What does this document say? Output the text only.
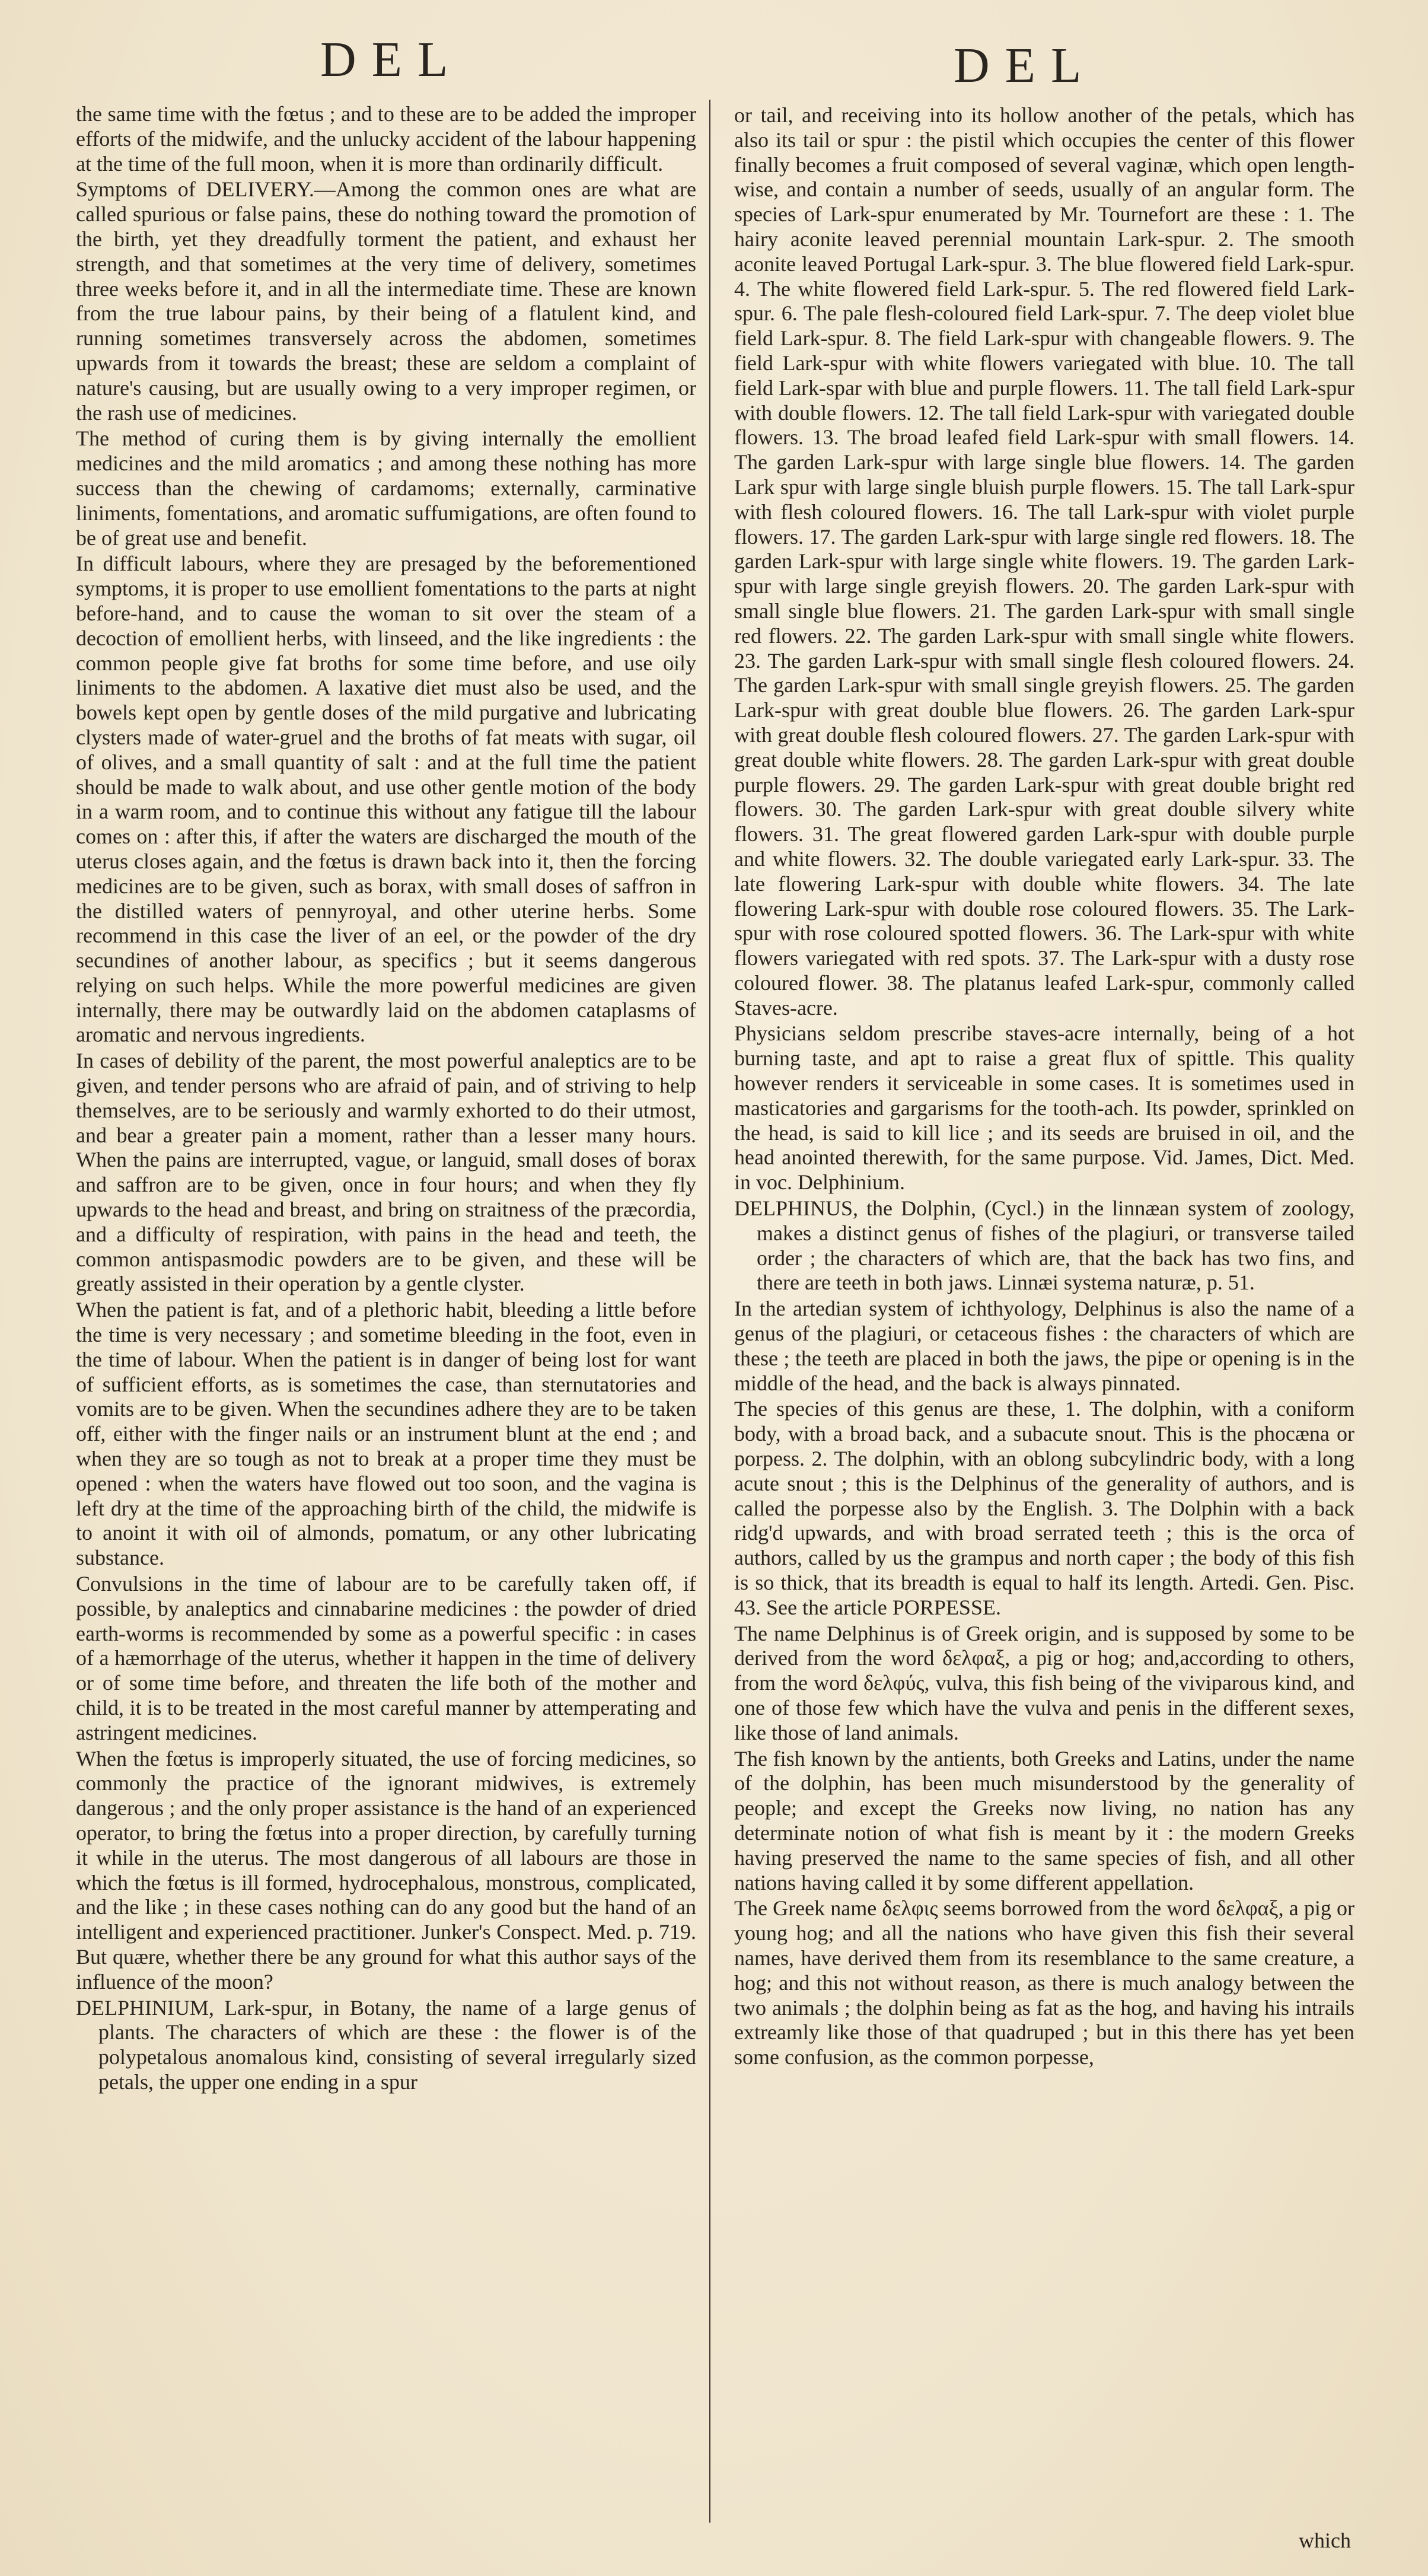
DEL	DEL

the same time with the fœtus ; and to these are to be added the improper efforts of the midwife, and the unlucky accident of the labour happening at the time of the full moon, when it is more than ordinarily difficult.

Symptoms of DELIVERY.—Among the common ones are what are called spurious or false pains, these do nothing toward the promotion of the birth, yet they dreadfully torment the patient, and exhaust her strength, and that sometimes at the very time of delivery, sometimes three weeks before it, and in all the intermediate time. These are known from the true labour pains, by their being of a flatulent kind, and running sometimes transversely across the abdomen, sometimes upwards from it towards the breast; these are seldom a complaint of nature's causing, but are usually owing to a very improper regimen, or the rash use of medicines.

The method of curing them is by giving internally the emollient medicines and the mild aromatics ; and among these nothing has more success than the chewing of cardamoms; externally, carminative liniments, fomentations, and aromatic suffumigations, are often found to be of great use and benefit.

In difficult labours, where they are presaged by the beforementioned symptoms, it is proper to use emollient fomentations to the parts at night before-hand, and to cause the woman to sit over the steam of a decoction of emollient herbs, with linseed, and the like ingredients : the common people give fat broths for some time before, and use oily liniments to the abdomen. A laxative diet must also be used, and the bowels kept open by gentle doses of the mild purgative and lubricating clysters made of water-gruel and the broths of fat meats with sugar, oil of olives, and a small quantity of salt : and at the full time the patient should be made to walk about, and use other gentle motion of the body in a warm room, and to continue this without any fatigue till the labour comes on : after this, if after the waters are discharged the mouth of the uterus closes again, and the fœtus is drawn back into it, then the forcing medicines are to be given, such as borax, with small doses of saffron in the distilled waters of pennyroyal, and other uterine herbs. Some recommend in this case the liver of an eel, or the powder of the dry secundines of another labour, as specifics ; but it seems dangerous relying on such helps. While the more powerful medicines are given internally, there may be outwardly laid on the abdomen cataplasms of aromatic and nervous ingredients.

In cases of debility of the parent, the most powerful analeptics are to be given, and tender persons who are afraid of pain, and of striving to help themselves, are to be seriously and warmly exhorted to do their utmost, and bear a greater pain a moment, rather than a lesser many hours. When the pains are interrupted, vague, or languid, small doses of borax and saffron are to be given, once in four hours; and when they fly upwards to the head and breast, and bring on straitness of the præcordia, and a difficulty of respiration, with pains in the head and teeth, the common antispasmodic powders are to be given, and these will be greatly assisted in their operation by a gentle clyster.

When the patient is fat, and of a plethoric habit, bleeding a little before the time is very necessary ; and sometime bleeding in the foot, even in the time of labour. When the patient is in danger of being lost for want of sufficient efforts, as is sometimes the case, than sternutatories and vomits are to be given. When the secundines adhere they are to be taken off, either with the finger nails or an instrument blunt at the end ; and when they are so tough as not to break at a proper time they must be opened : when the waters have flowed out too soon, and the vagina is left dry at the time of the approaching birth of the child, the midwife is to anoint it with oil of almonds, pomatum, or any other lubricating substance.

Convulsions in the time of labour are to be carefully taken off, if possible, by analeptics and cinnabarine medicines : the powder of dried earth-worms is recommended by some as a powerful specific : in cases of a hæmorrhage of the uterus, whether it happen in the time of delivery or of some time before, and threaten the life both of the mother and child, it is to be treated in the most careful manner by attemperating and astringent medicines.

When the fœtus is improperly situated, the use of forcing medicines, so commonly the practice of the ignorant midwives, is extremely dangerous ; and the only proper assistance is the hand of an experienced operator, to bring the fœtus into a proper direction, by carefully turning it while in the uterus. The most dangerous of all labours are those in which the fœtus is ill formed, hydrocephalous, monstrous, complicated, and the like ; in these cases nothing can do any good but the hand of an intelligent and experienced practitioner. Junker's Conspect. Med. p. 719. But quære, whether there be any ground for what this author says of the influence of the moon?

DELPHINIUM, Lark-spur, in Botany, the name of a large genus of plants. The characters of which are these : the flower is of the polypetalous anomalous kind, consisting of several irregularly sized petals, the upper one ending in a spur

or tail, and receiving into its hollow another of the petals, which has also its tail or spur : the pistil which occupies the center of this flower finally becomes a fruit composed of several vaginæ, which open length-wise, and contain a number of seeds, usually of an angular form. The species of Lark-spur enumerated by Mr. Tournefort are these : 1. The hairy aconite leaved perennial mountain Lark-spur. 2. The smooth aconite leaved Portugal Lark-spur. 3. The blue flowered field Lark-spur. 4. The white flowered field Lark-spur. 5. The red flowered field Lark-spur. 6. The pale flesh-coloured field Lark-spur. 7. The deep violet blue field Lark-spur. 8. The field Lark-spur with changeable flowers. 9. The field Lark-spur with white flowers variegated with blue. 10. The tall field Lark-spar with blue and purple flowers. 11. The tall field Lark-spur with double flowers. 12. The tall field Lark-spur with variegated double flowers. 13. The broad leafed field Lark-spur with small flowers. 14. The garden Lark-spur with large single blue flowers. 14. The garden Lark spur with large single bluish purple flowers. 15. The tall Lark-spur with flesh coloured flowers. 16. The tall Lark-spur with violet purple flowers. 17. The garden Lark-spur with large single red flowers. 18. The garden Lark-spur with large single white flowers. 19. The garden Lark-spur with large single greyish flowers. 20. The garden Lark-spur with small single blue flowers. 21. The garden Lark-spur with small single red flowers. 22. The garden Lark-spur with small single white flowers. 23. The garden Lark-spur with small single flesh coloured flowers. 24. The garden Lark-spur with small single greyish flowers. 25. The garden Lark-spur with great double blue flowers. 26. The garden Lark-spur with great double flesh coloured flowers. 27. The garden Lark-spur with great double white flowers. 28. The garden Lark-spur with great double purple flowers. 29. The garden Lark-spur with great double bright red flowers. 30. The garden Lark-spur with great double silvery white flowers. 31. The great flowered garden Lark-spur with double purple and white flowers. 32. The double variegated early Lark-spur. 33. The late flowering Lark-spur with double white flowers. 34. The late flowering Lark-spur with double rose coloured flowers. 35. The Lark-spur with rose coloured spotted flowers. 36. The Lark-spur with white flowers variegated with red spots. 37. The Lark-spur with a dusty rose coloured flower. 38. The platanus leafed Lark-spur, commonly called Staves-acre.

Physicians seldom prescribe staves-acre internally, being of a hot burning taste, and apt to raise a great flux of spittle. This quality however renders it serviceable in some cases. It is sometimes used in masticatories and gargarisms for the tooth-ach. Its powder, sprinkled on the head, is said to kill lice ; and its seeds are bruised in oil, and the head anointed therewith, for the same purpose. Vid. James, Dict. Med. in voc. Delphinium.

DELPHINUS, the Dolphin, (Cycl.) in the linnæan system of zoology, makes a distinct genus of fishes of the plagiuri, or transverse tailed order ; the characters of which are, that the back has two fins, and there are teeth in both jaws. Linnæi systema naturæ, p. 51.

In the artedian system of ichthyology, Delphinus is also the name of a genus of the plagiuri, or cetaceous fishes : the characters of which are these ; the teeth are placed in both the jaws, the pipe or opening is in the middle of the head, and the back is always pinnated.

The species of this genus are these, 1. The dolphin, with a coniform body, with a broad back, and a subacute snout. This is the phocæna or porpess. 2. The dolphin, with an oblong subcylindric body, with a long acute snout ; this is the Delphinus of the generality of authors, and is called the porpesse also by the English. 3. The Dolphin with a back ridg'd upwards, and with broad serrated teeth ; this is the orca of authors, called by us the grampus and north caper ; the body of this fish is so thick, that its breadth is equal to half its length. Artedi. Gen. Pisc. 43. See the article PORPESSE.

The name Delphinus is of Greek origin, and is supposed by some to be derived from the word δελφαξ, a pig or hog; and,according to others, from the word δελφύς, vulva, this fish being of the viviparous kind, and one of those few which have the vulva and penis in the different sexes, like those of land animals.

The fish known by the antients, both Greeks and Latins, under the name of the dolphin, has been much misunderstood by the generality of people; and except the Greeks now living, no nation has any determinate notion of what fish is meant by it : the modern Greeks having preserved the name to the same species of fish, and all other nations having called it by some different appellation.

The Greek name δελφις seems borrowed from the word δελφαξ, a pig or young hog; and all the nations who have given this fish their several names, have derived them from its resemblance to the same creature, a hog; and this not without reason, as there is much analogy between the two animals ; the dolphin being as fat as the hog, and having his intrails extreamly like those of that quadruped ; but in this there has yet been some confusion, as the common porpesse,

which
